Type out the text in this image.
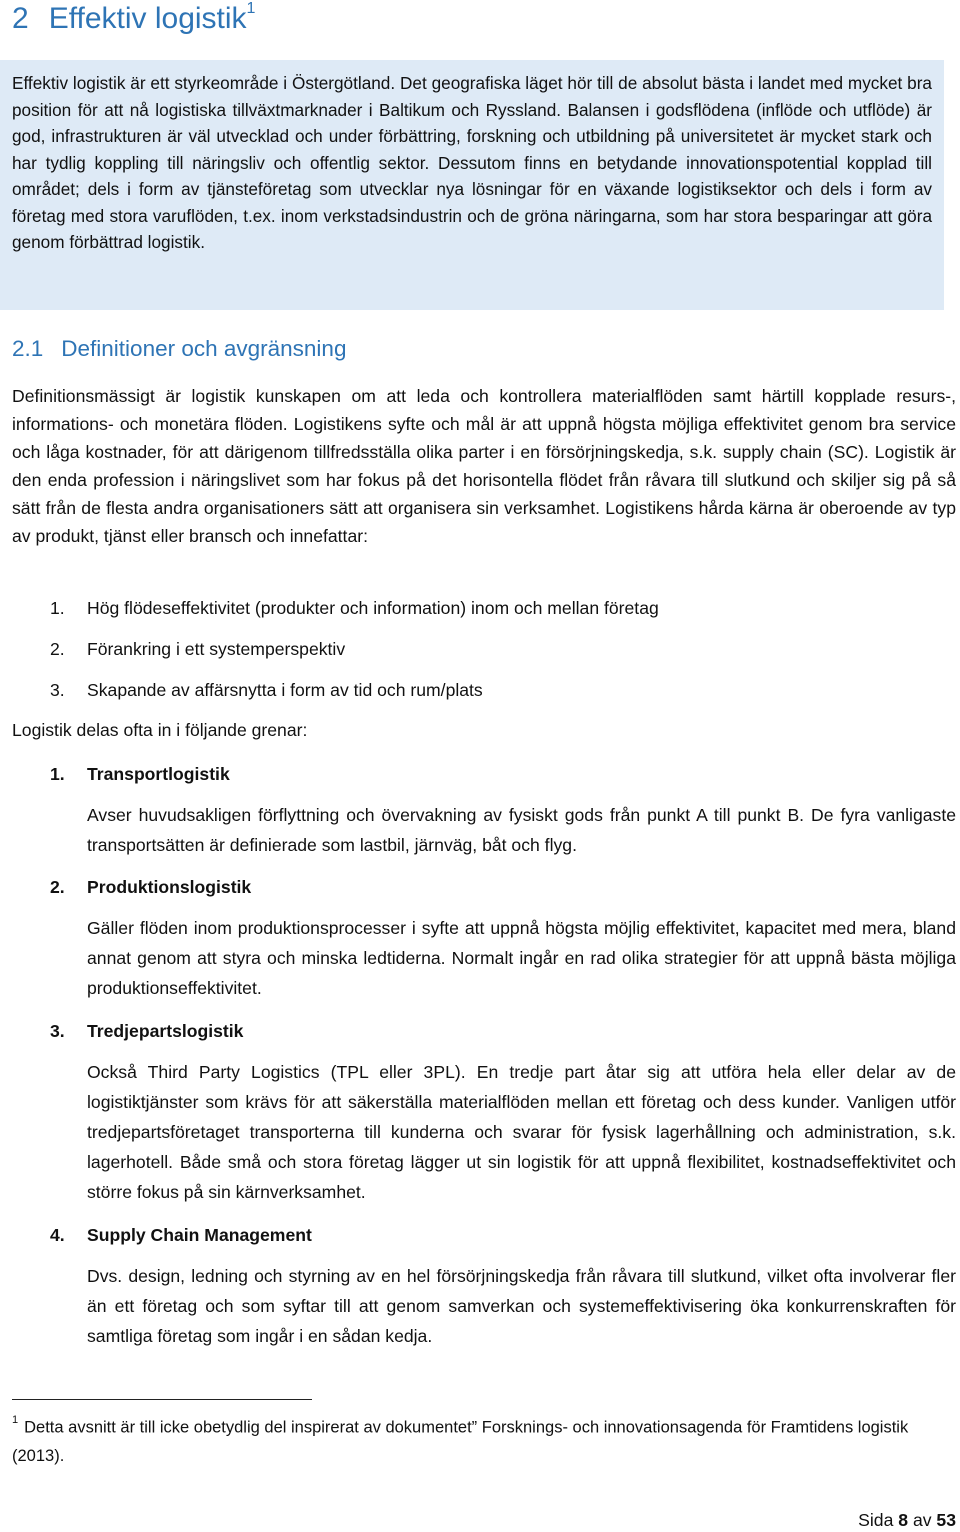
2 Effektiv logistik$^1$

Effektiv logistik är ett styrkeområde i Östergötland. Det geografiska läget hör till de absolut bästa i landet med mycket bra position för att nå logistiska tillväxtmarknader i Baltikum och Ryssland. Balansen i godsflödena (inflöde och utflöde) är god, infrastrukturen är väl utvecklad och under förbättring, forskning och utbildning på universitetet är mycket stark och har tydlig koppling till näringsliv och offentlig sektor. Dessutom finns en betydande innovationspotential kopplad till området; dels i form av tjänsteföretag som utvecklar nya lösningar för en växande logistiksektor och dels i form av företag med stora varuflöden, t.ex. inom verkstadsindustrin och de gröna näringarna, som har stora besparingar att göra genom förbättrad logistik.

2.1 Definitioner och avgränsning

Definitionsmässigt är logistik kunskapen om att leda och kontrollera materialflöden samt härtill kopplade resurs-, informations- och monetära flöden. Logistikens syfte och mål är att uppnå högsta möjliga effektivitet genom bra service och låga kostnader, för att därigenom tillfredsställa olika parter i en försörjningskedja, s.k. supply chain (SC). Logistik är den enda profession i näringslivet som har fokus på det horisontella flödet från råvara till slutkund och skiljer sig på så sätt från de flesta andra organisationers sätt att organisera sin verksamhet. Logistikens hårda kärna är oberoende av typ av produkt, tjänst eller bransch och innefattar:

1. Hög flödeseffektivitet (produkter och information) inom och mellan företag
2. Förankring i ett systemperspektiv
3. Skapande av affärsnytta i form av tid och rum/plats

Logistik delas ofta in i följande grenar:

1. Transportlogistik

Avser huvudsakligen förflyttning och övervakning av fysiskt gods från punkt A till punkt B. De fyra vanligaste transportsätten är definierade som lastbil, järnväg, båt och flyg.

2. Produktionslogistik

Gäller flöden inom produktionsprocesser i syfte att uppnå högsta möjlig effektivitet, kapacitet med mera, bland annat genom att styra och minska ledtiderna. Normalt ingår en rad olika strategier för att uppnå bästa möjliga produktionseffektivitet.

3. Tredjepartslogistik

Också Third Party Logistics (TPL eller 3PL). En tredje part åtar sig att utföra hela eller delar av de logistiktjänster som krävs för att säkerställa materialflöden mellan ett företag och dess kunder. Vanligen utför tredjepartsföretaget transporterna till kunderna och svarar för fysisk lagerhållning och administration, s.k. lagerhotell. Både små och stora företag lägger ut sin logistik för att uppnå flexibilitet, kostnadseffektivitet och större fokus på sin kärnverksamhet.

4. Supply Chain Management

Dvs. design, ledning och styrning av en hel försörjningskedja från råvara till slutkund, vilket ofta involverar fler än ett företag och som syftar till att genom samverkan och systemeffektivisering öka konkurrenskraften för samtliga företag som ingår i en sådan kedja.

$^1$ Detta avsnitt är till icke obetydlig del inspirerat av dokumentet” Forsknings- och innovationsagenda för Framtidens logistik (2013).

Sida 8 av 53
